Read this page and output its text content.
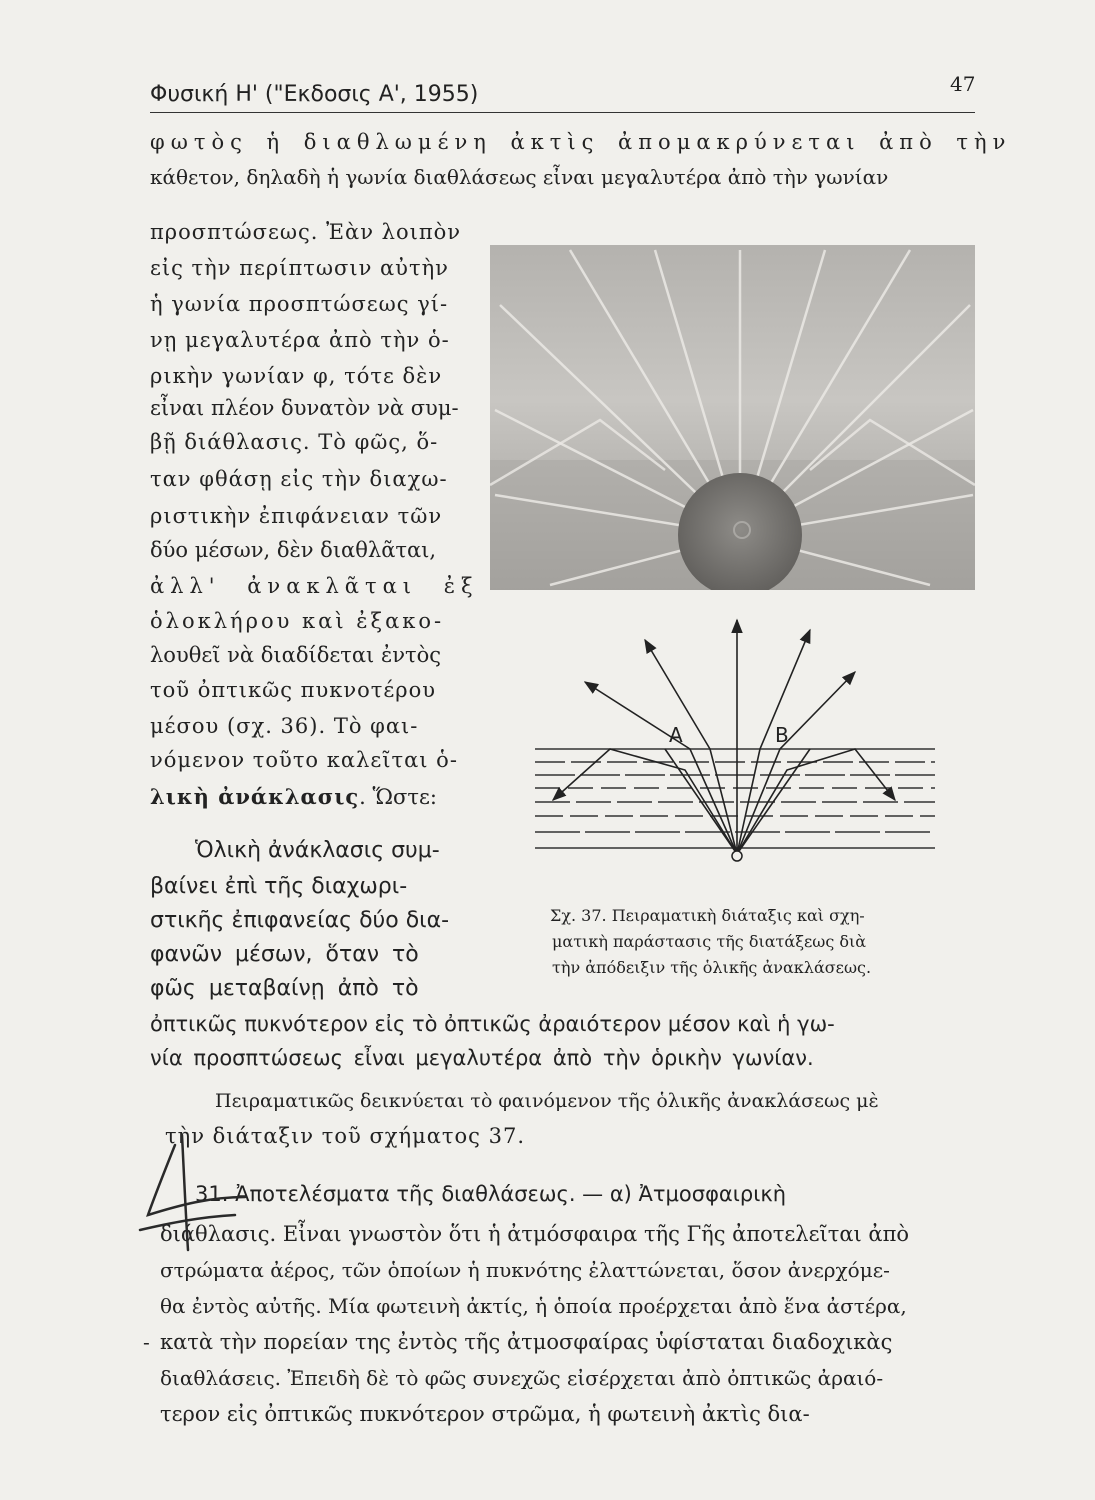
Φυσική Η' ("Εκδοσις Α', 1955)	47
φωτὸς ἡ διαθλωμένη ἀκτὶς ἀπομακρύνεται ἀπὸ τὴν
κάθετον, δηλαδὴ ἡ γωνία διαθλάσεως εἶναι μεγαλυτέρα ἀπὸ τὴν γωνίαν
προσπτώσεως. Ἐὰν λοιπὸν
εἰς τὴν περίπτωσιν αὐτὴν
ἡ γωνία προσπτώσεως γί-
νῃ μεγαλυτέρα ἀπὸ τὴν ὁ-
ρικὴν γωνίαν φ, τότε δὲν
εἶναι πλέον δυνατὸν νὰ συμ-
βῇ διάθλασις. Τὸ φῶς, ὅ-
ταν φθάσῃ εἰς τὴν διαχω-
ριστικὴν ἐπιφάνειαν τῶν
δύο μέσων, δὲν διαθλᾶται,
ἀλλ' ἀνακλᾶται ἐξ
ὁλοκλήρου καὶ ἐξακο-
λουθεῖ νὰ διαδίδεται ἐντὸς
τοῦ ὀπτικῶς πυκνοτέρου
μέσου (σχ. 36). Τὸ φαι-
νόμενον τοῦτο καλεῖται ὁ-
λικὴ ἀνάκλασις. Ὥστε:
Ὁλικὴ ἀνάκλασις συμ-
βαίνει ἐπὶ τῆς διαχωρι-
στικῆς ἐπιφανείας δύο δια-
φανῶν μέσων, ὅταν τὸ
φῶς μεταβαίνῃ ἀπὸ τὸ
ὀπτικῶς πυκνότερον εἰς τὸ ὀπτικῶς ἀραιότερον μέσον καὶ ἡ γω-
νία προσπτώσεως εἶναι μεγαλυτέρα ἀπὸ τὴν ὁρικὴν γωνίαν.
Πειραματικῶς δεικνύεται τὸ φαινόμενον τῆς ὁλικῆς ἀνακλάσεως μὲ
τὴν διάταξιν τοῦ σχήματος 37.
31. Ἀποτελέσματα τῆς διαθλάσεως. — α) Ἀτμοσφαιρικὴ
διάθλασις. Εἶναι γνωστὸν ὅτι ἡ ἀτμόσφαιρα τῆς Γῆς ἀποτελεῖται ἀπὸ
στρώματα ἀέρος, τῶν ὁποίων ἡ πυκνότης ἐλαττώνεται, ὅσον ἀνερχόμε-
θα ἐντὸς αὐτῆς. Μία φωτεινὴ ἀκτίς, ἡ ὁποία προέρχεται ἀπὸ ἕνα ἀστέρα,
κατὰ τὴν πορείαν της ἐντὸς τῆς ἀτμοσφαίρας ὑφίσταται διαδοχικὰς
διαθλάσεις. Ἐπειδὴ δὲ τὸ φῶς συνεχῶς εἰσέρχεται ἀπὸ ὀπτικῶς ἀραιό-
τερον εἰς ὀπτικῶς πυκνότερον στρῶμα, ἡ φωτεινὴ ἀκτὶς δια-
A	B
Σχ. 37. Πειραματικὴ διάταξις καὶ σχη-
ματικὴ παράστασις τῆς διατάξεως διὰ
τὴν ἀπόδειξιν τῆς ὁλικῆς ἀνακλάσεως.
-
